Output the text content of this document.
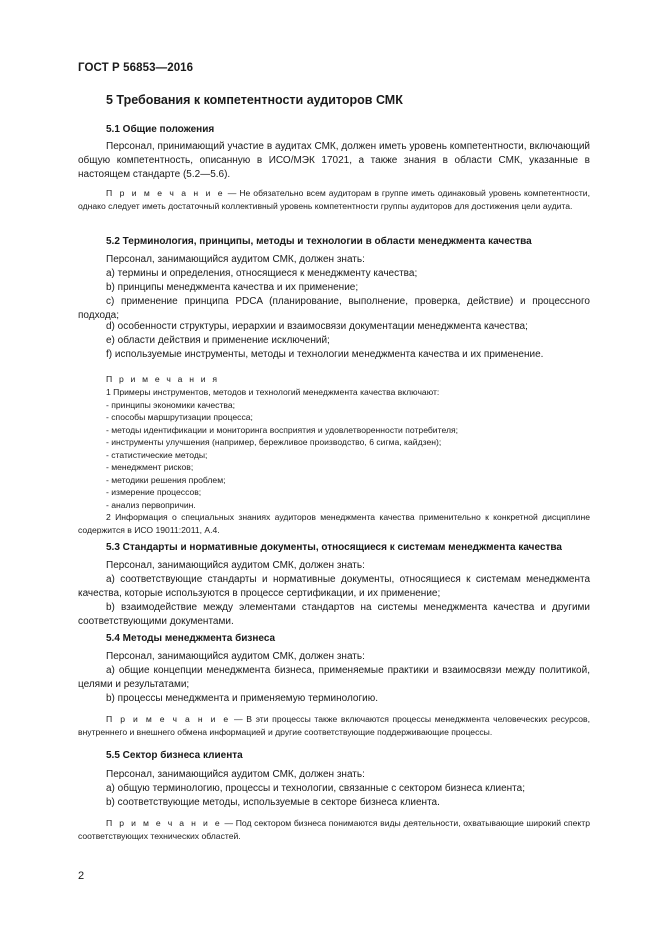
ГОСТ Р 56853—2016
5 Требования к компетентности аудиторов СМК
5.1 Общие положения
Персонал, принимающий участие в аудитах СМК, должен иметь уровень компетентности, включающий общую компетентность, описанную в ИСО/МЭК 17021, а также знания в области СМК, указанные в настоящем стандарте (5.2—5.6).
П р и м е ч а н и е — Не обязательно всем аудиторам в группе иметь одинаковый уровень компетентности, однако следует иметь достаточный коллективный уровень компетентности группы аудиторов для достижения цели аудита.
5.2 Терминология, принципы, методы и технологии в области менеджмента качества
Персонал, занимающийся аудитом СМК, должен знать:
a) термины и определения, относящиеся к менеджменту качества;
b) принципы менеджмента качества и их применение;
c) применение принципа PDCA (планирование, выполнение, проверка, действие) и процессного подхода;
d) особенности структуры, иерархии и взаимосвязи документации менеджмента качества;
e) области действия и применение исключений;
f) используемые инструменты, методы и технологии менеджмента качества и их применение.
П р и м е ч а н и я
1 Примеры инструментов, методов и технологий менеджмента качества включают:
- принципы экономики качества;
- способы маршрутизации процесса;
- методы идентификации и мониторинга восприятия и удовлетворенности потребителя;
- инструменты улучшения (например, бережливое производство, 6 сигма, кайдзен);
- статистические методы;
- менеджмент рисков;
- методики решения проблем;
- измерение процессов;
- анализ первопричин.
2 Информация о специальных знаниях аудиторов менеджмента качества применительно к конкретной дисциплине содержится в ИСО 19011:2011, А.4.
5.3 Стандарты и нормативные документы, относящиеся к системам менеджмента качества
Персонал, занимающийся аудитом СМК, должен знать:
a) соответствующие стандарты и нормативные документы, относящиеся к системам менеджмента качества, которые используются в процессе сертификации, и их применение;
b) взаимодействие между элементами стандартов на системы менеджмента качества и другими соответствующими документами.
5.4 Методы менеджмента бизнеса
Персонал, занимающийся аудитом СМК, должен знать:
a) общие концепции менеджмента бизнеса, применяемые практики и взаимосвязи между политикой, целями и результатами;
b) процессы менеджмента и применяемую терминологию.
П р и м е ч а н и е — В эти процессы также включаются процессы менеджмента человеческих ресурсов, внутреннего и внешнего обмена информацией и другие соответствующие поддерживающие процессы.
5.5 Сектор бизнеса клиента
Персонал, занимающийся аудитом СМК, должен знать:
a) общую терминологию, процессы и технологии, связанные с сектором бизнеса клиента;
b) соответствующие методы, используемые в секторе бизнеса клиента.
П р и м е ч а н и е — Под сектором бизнеса понимаются виды деятельности, охватывающие широкий спектр соответствующих технических областей.
2
